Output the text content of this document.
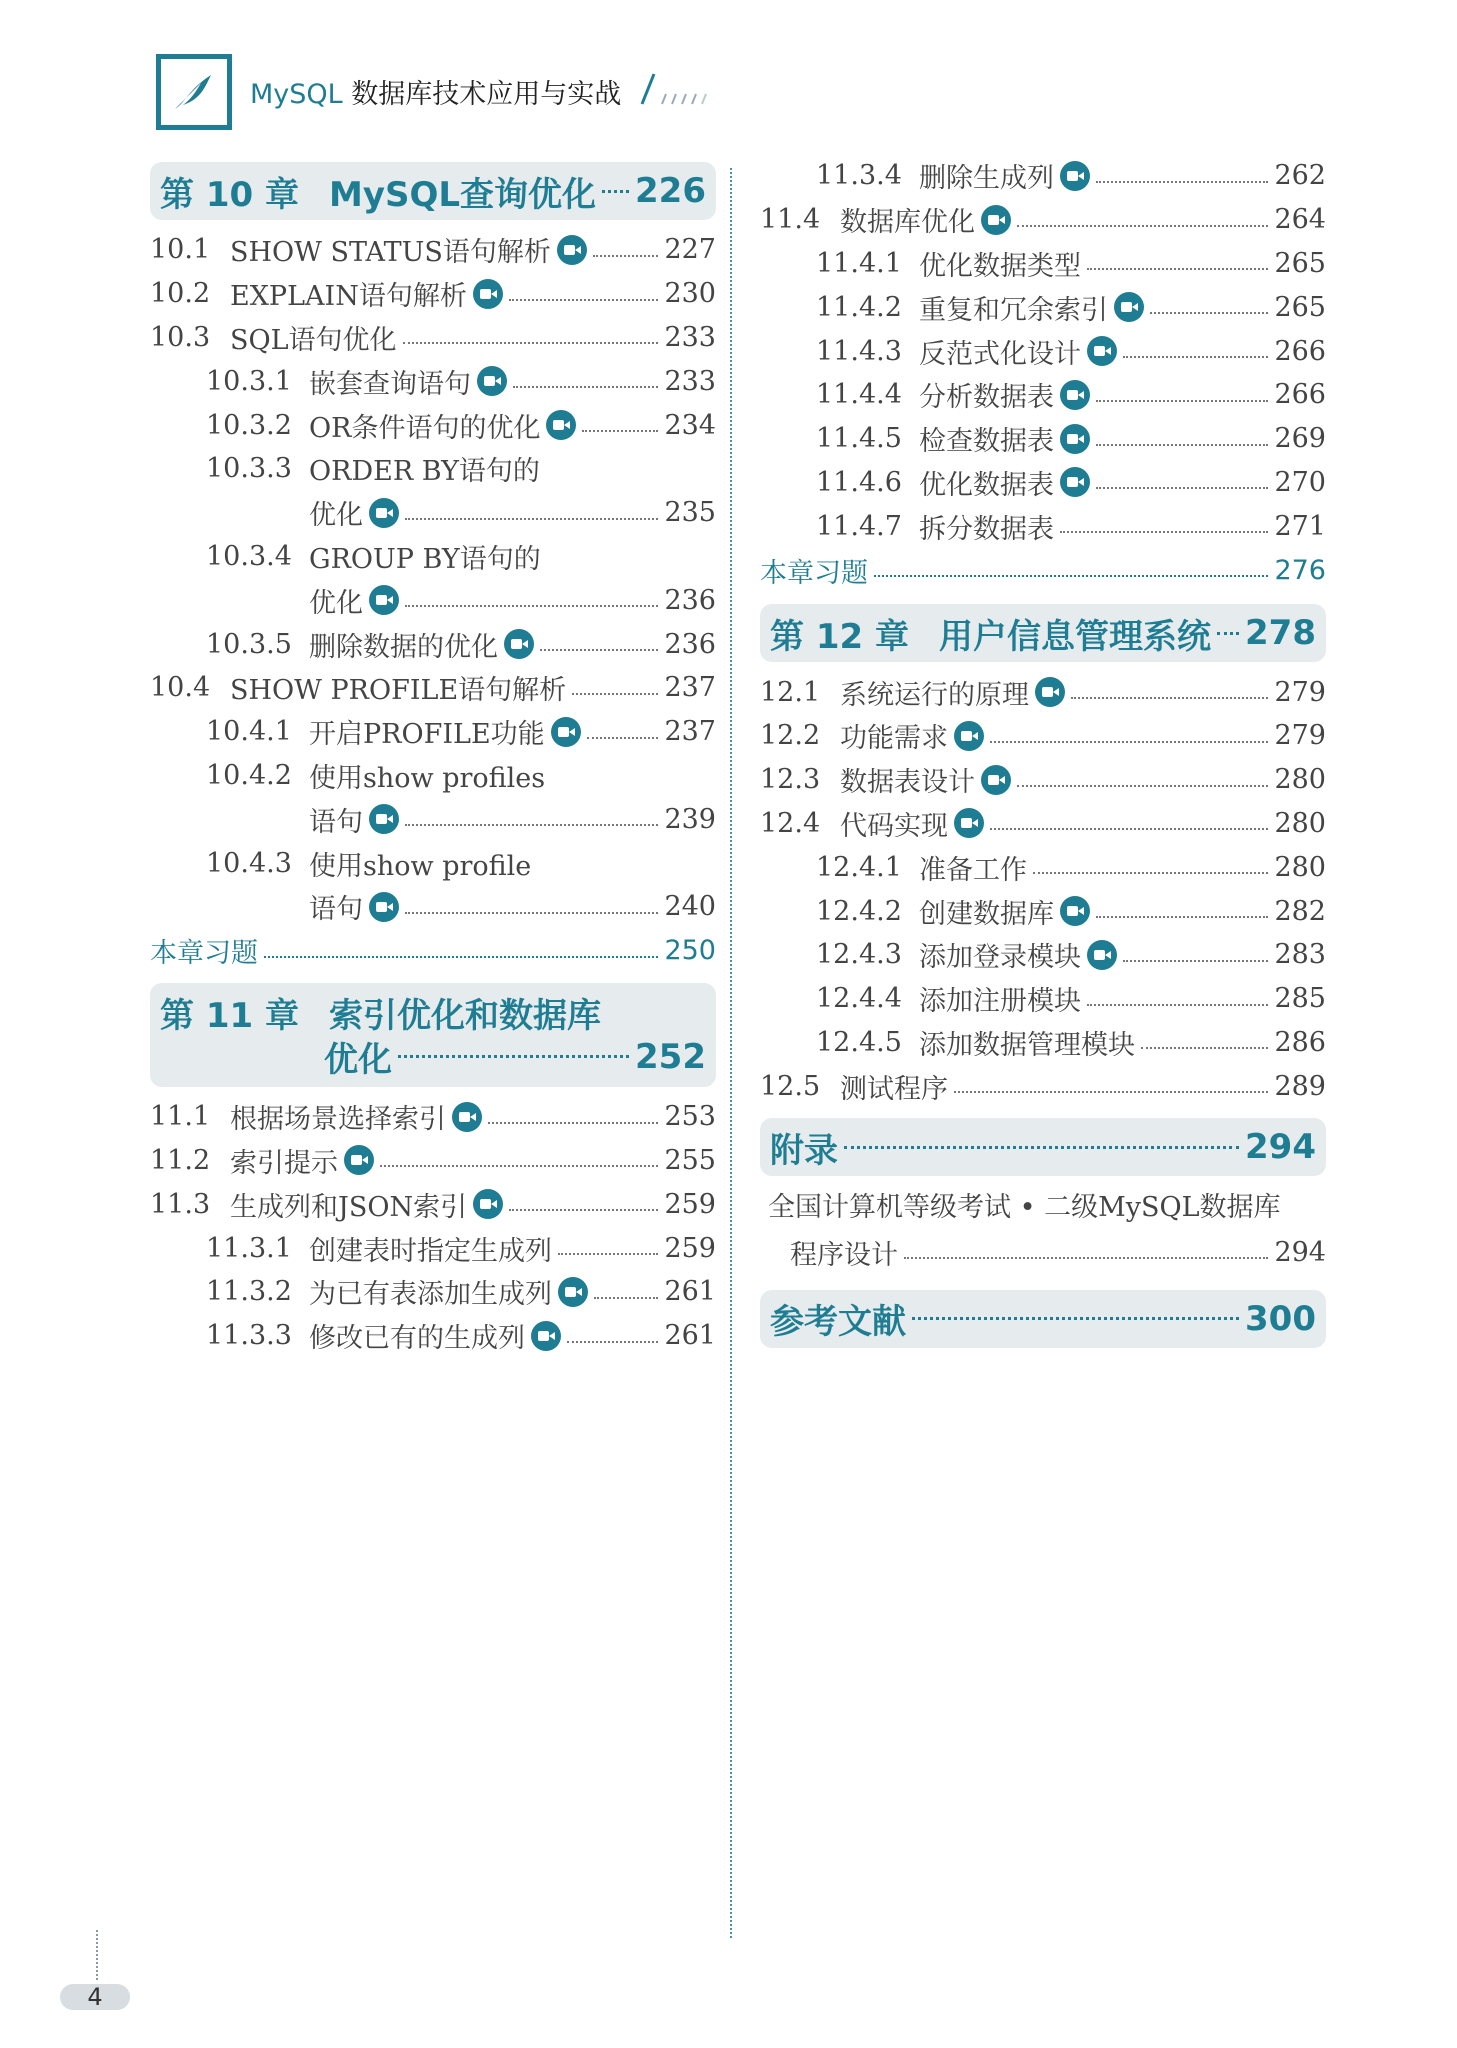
MySQL 数据库技术应用与实战
第 10 章 MySQL查询优化 226
10.1 SHOW STATUS语句解析	227
10.2 EXPLAIN语句解析	230
10.3 SQL语句优化	233
10.3.1 嵌套查询语句	233
10.3.2 OR条件语句的优化	234
10.3.3 ORDER BY语句的
优化	235
10.3.4 GROUP BY语句的
优化	236
10.3.5 删除数据的优化	236
10.4 SHOW PROFILE语句解析	237
10.4.1 开启PROFILE功能	237
10.4.2 使用show profiles
语句	239
10.4.3 使用show profile
语句	240
本章习题	250
第 11 章 索引优化和数据库
优化	252
11.1 根据场景选择索引	253
11.2 索引提示	255
11.3 生成列和JSON索引	259
11.3.1 创建表时指定生成列	259
11.3.2 为已有表添加生成列	261
11.3.3 修改已有的生成列	261
11.3.4 删除生成列	262
11.4 数据库优化	264
11.4.1 优化数据类型	265
11.4.2 重复和冗余索引	265
11.4.3 反范式化设计	266
11.4.4 分析数据表	266
11.4.5 检查数据表	269
11.4.6 优化数据表	270
11.4.7 拆分数据表	271
本章习题	276
第 12 章 用户信息管理系统 278
12.1 系统运行的原理	279
12.2 功能需求	279
12.3 数据表设计	280
12.4 代码实现	280
12.4.1 准备工作	280
12.4.2 创建数据库	282
12.4.3 添加登录模块	283
12.4.4 添加注册模块	285
12.4.5 添加数据管理模块	286
12.5 测试程序	289
附录	294
全国计算机等级考试 • 二级MySQL数据库
程序设计	294
参考文献	300
4
